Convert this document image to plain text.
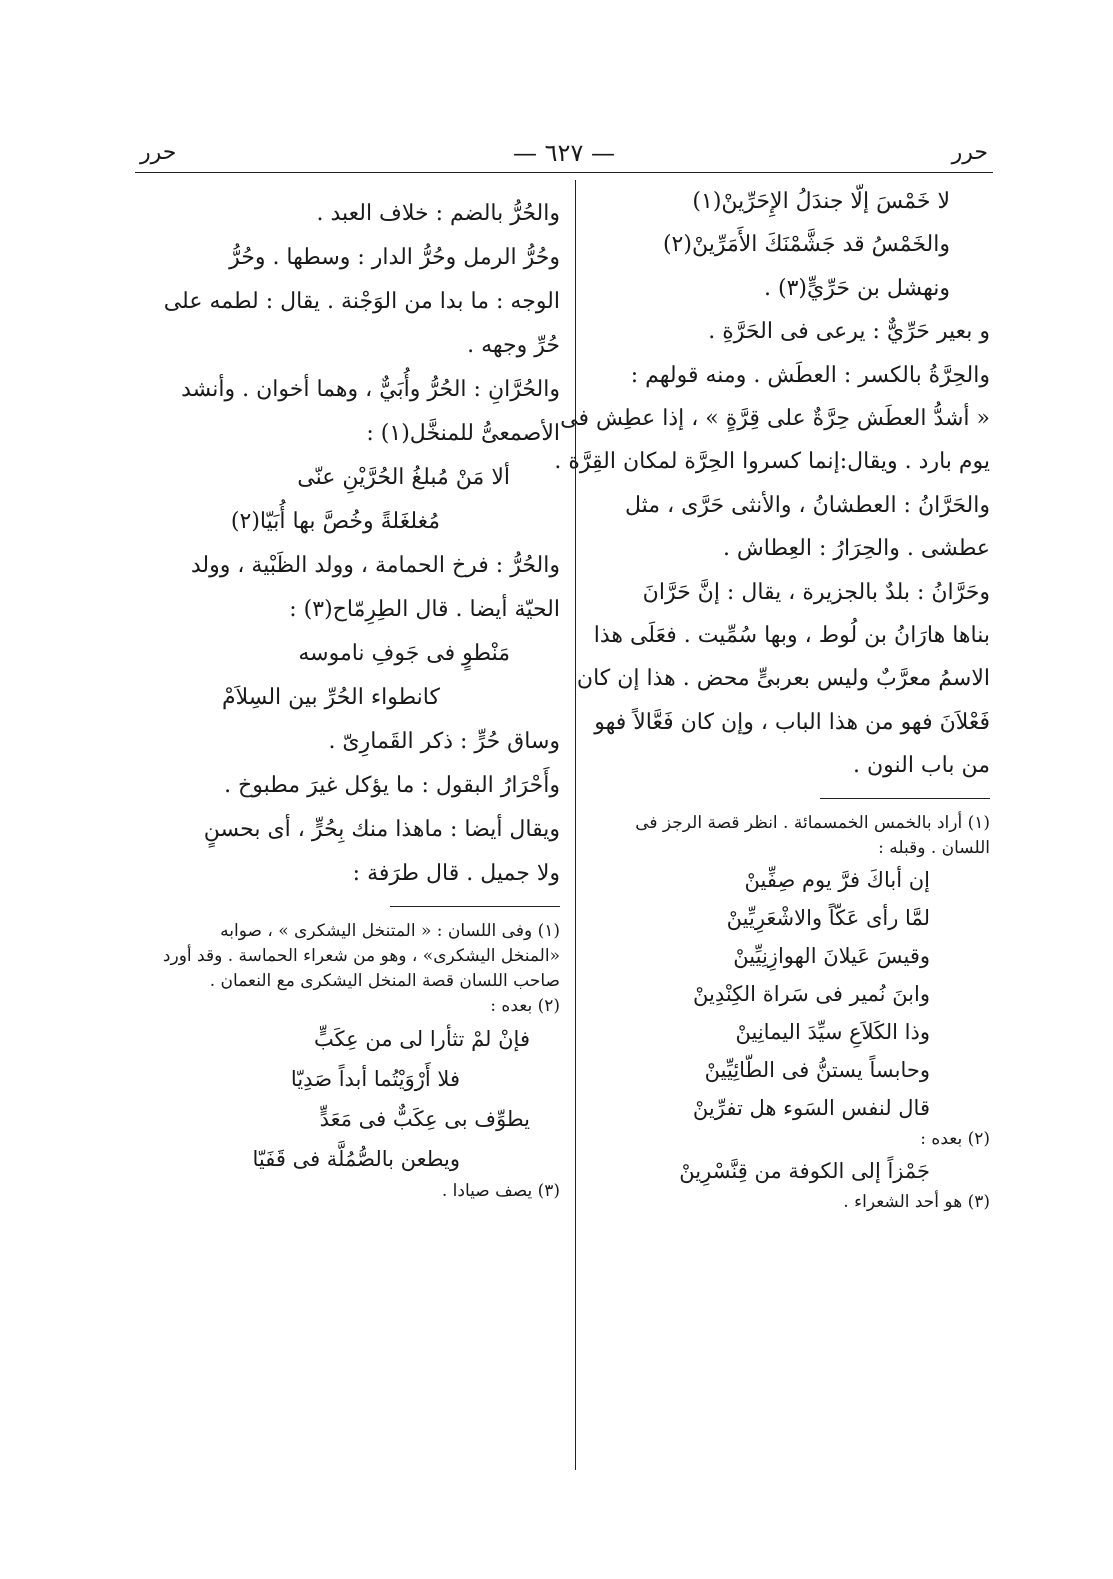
حرر
— ٦٢٧ —
حرر
لا خَمْسَ إلّا جندَلُ الإِحَرِّينْ(١)
والخَمْسُ قد جَشَّمْنَكَ الأَمَرِّينْ(٢)
ونهشل بن حَرِّيٍّ(٣) .
و بعير حَرِّيٌّ : يرعى فى الحَرَّةِ .
والحِرَّةُ بالكسر : العطَش . ومنه قولهم :
« أشدُّ العطَش حِرَّةٌ على قِرَّةٍ » ، إذا عطِش فى
يوم بارد . ويقال:إنما كسروا الحِرَّة لمكان القِرَّة .
والحَرَّانُ : العطشانُ ، والأنثى حَرَّى ، مثل
عطشى . والحِرَارُ : العِطاش .
وحَرَّانُ : بلدٌ بالجزيرة ، يقال : إنَّ حَرَّانَ
بناها هارَانُ بن لُوط ، وبها سُمِّيت . فعَلَى هذا
الاسمُ معرَّبٌ وليس بعربىٍّ محض . هذا إن كان
فَعْلاَنَ فهو من هذا الباب ، وإن كان فَعَّالاً فهو
من باب النون .
(١) أراد بالخمس الخمسمائة . انظر قصة الرجز فى
اللسان . وقبله :
إن أباكَ فرَّ يوم صِفِّينْ
لمَّا رأى عَكّاً والاشْعَرِيِّينْ
وقيسَ عَيلانَ الهوازِنِيِّينْ
وابنَ نُمير فى سَراة الكِنْدِينْ
وذا الكَلاَعِ سيِّدَ اليمانِينْ
وحابساً يستنُّ فى الطّائِيِّينْ
قال لنفس السَوء هل تفرِّينْ
(٢) بعده :
جَمْزاً إلى الكوفة من قِنَّسْرِينْ
(٣) هو أحد الشعراء .
والحُرُّ بالضم : خلاف العبد .
وحُرُّ الرمل وحُرُّ الدار : وسطها . وحُرُّ
الوجه : ما بدا من الوَجْنة . يقال : لطمه على
حُرِّ وجهه .
والحُرَّانِ : الحُرُّ وأُبَيٌّ ، وهما أخوان . وأنشد
الأصمعىُّ للمنخَّل(١) :
ألا مَنْ مُبلغُ الحُرَّيْنِ عنّى
مُغلغَلةً وخُصَّ بها أُبَيّا(٢)
والحُرُّ : فرخ الحمامة ، وولد الظَبْية ، وولد
الحيّة أيضا . قال الطِرِمّاح(٣) :
مَنْطوٍ فى جَوفِ ناموسه
كانطواء الحُرِّ بين السِلاَمْ
وساق حُرٍّ : ذكر القَمارِىّ .
وأَحْرَارُ البقول : ما يؤكل غيرَ مطبوخ .
ويقال أيضا : ماهذا منك بِحُرٍّ ، أى بحسنٍ
ولا جميل . قال طرَفة :
(١) وفى اللسان : « المتنخل اليشكرى » ، صوابه
«المنخل اليشكرى» ، وهو من شعراء الحماسة . وقد أورد
صاحب اللسان قصة المنخل اليشكرى مع النعمان .
(٢) بعده :
فإنْ لمْ تثأرا لى من عِكَبٍّ
فلا أَرْوَيْتُما أبداً صَدِيّا
يطوِّف بى عِكَبٌّ فى مَعَدٍّ
ويطعن بالصُّمُلَّة فى قَفَيّا
(٣) يصف صيادا .
